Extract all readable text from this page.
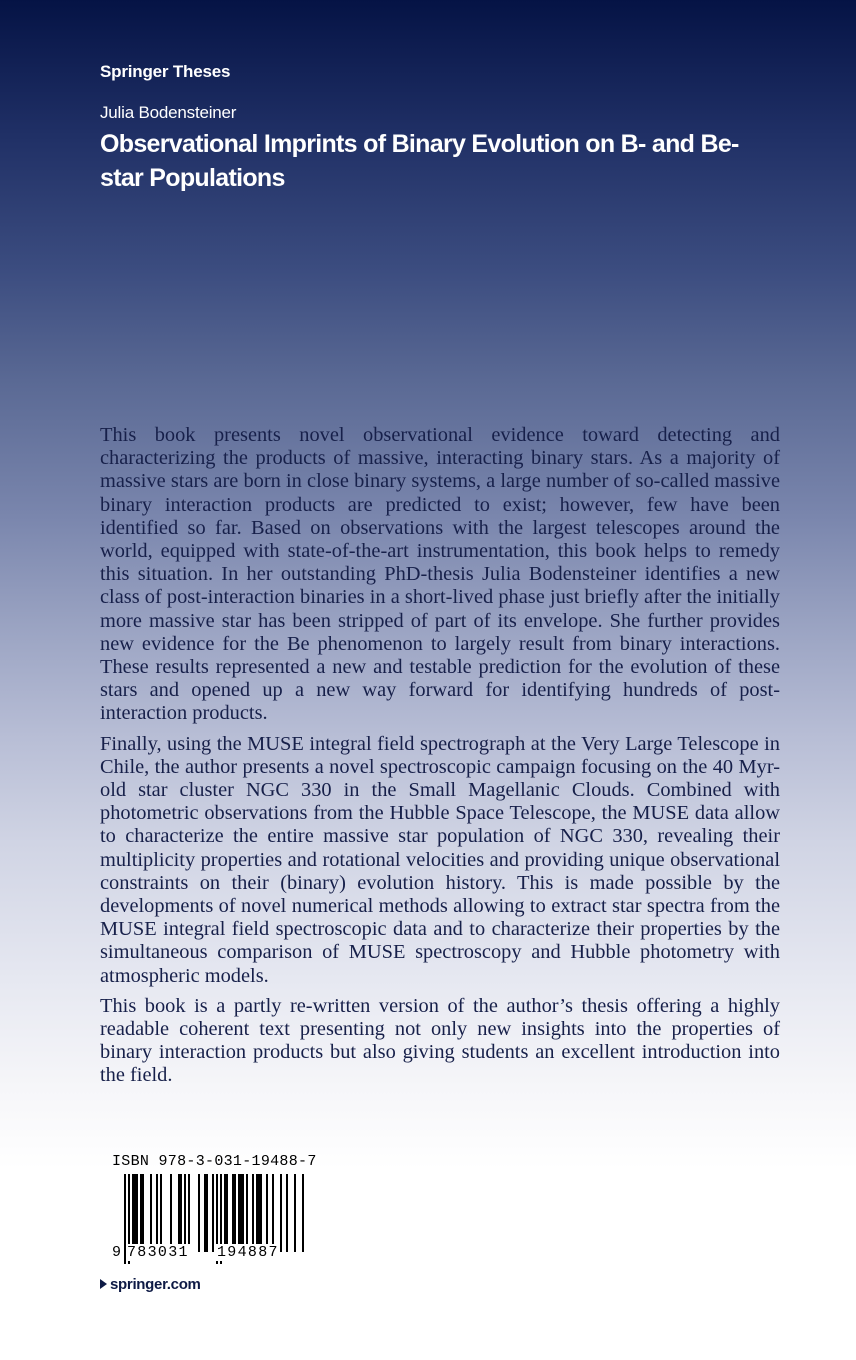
Springer Theses
Julia Bodensteiner
Observational Imprints of Binary Evolution on B- and Be-star Populations

This book presents novel observational evidence toward detecting and characterizing the products of massive, interacting binary stars. As a majority of massive stars are born in close binary systems, a large number of so-called massive binary interaction products are predicted to exist; however, few have been identified so far. Based on observations with the largest telescopes around the world, equipped with state-of-the-art instrumentation, this book helps to remedy this situation. In her outstanding PhD-thesis Julia Bodensteiner identifies a new class of post-interaction binaries in a short-lived phase just briefly after the initially more massive star has been stripped of part of its envelope. She further provides new evidence for the Be phenomenon to largely result from binary interactions. These results represented a new and testable prediction for the evolution of these stars and opened up a new way forward for identifying hundreds of post-interaction products.

Finally, using the MUSE integral field spectrograph at the Very Large Telescope in Chile, the author presents a novel spectroscopic campaign focusing on the 40 Myr-old star cluster NGC 330 in the Small Magellanic Clouds. Combined with photometric observations from the Hubble Space Telescope, the MUSE data allow to characterize the entire massive star population of NGC 330, revealing their multiplicity properties and rotational velocities and providing unique observational constraints on their (binary) evolution history. This is made possible by the developments of novel numerical methods allowing to extract star spectra from the MUSE integral field spectroscopic data and to characterize their properties by the simultaneous comparison of MUSE spectroscopy and Hubble photometry with atmospheric models.

This book is a partly re-written version of the author’s thesis offering a highly readable coherent text presenting not only new insights into the properties of binary interaction products but also giving students an excellent introduction into the field.

ISBN 978-3-031-19488-7
9 783031 194887
springer.com
